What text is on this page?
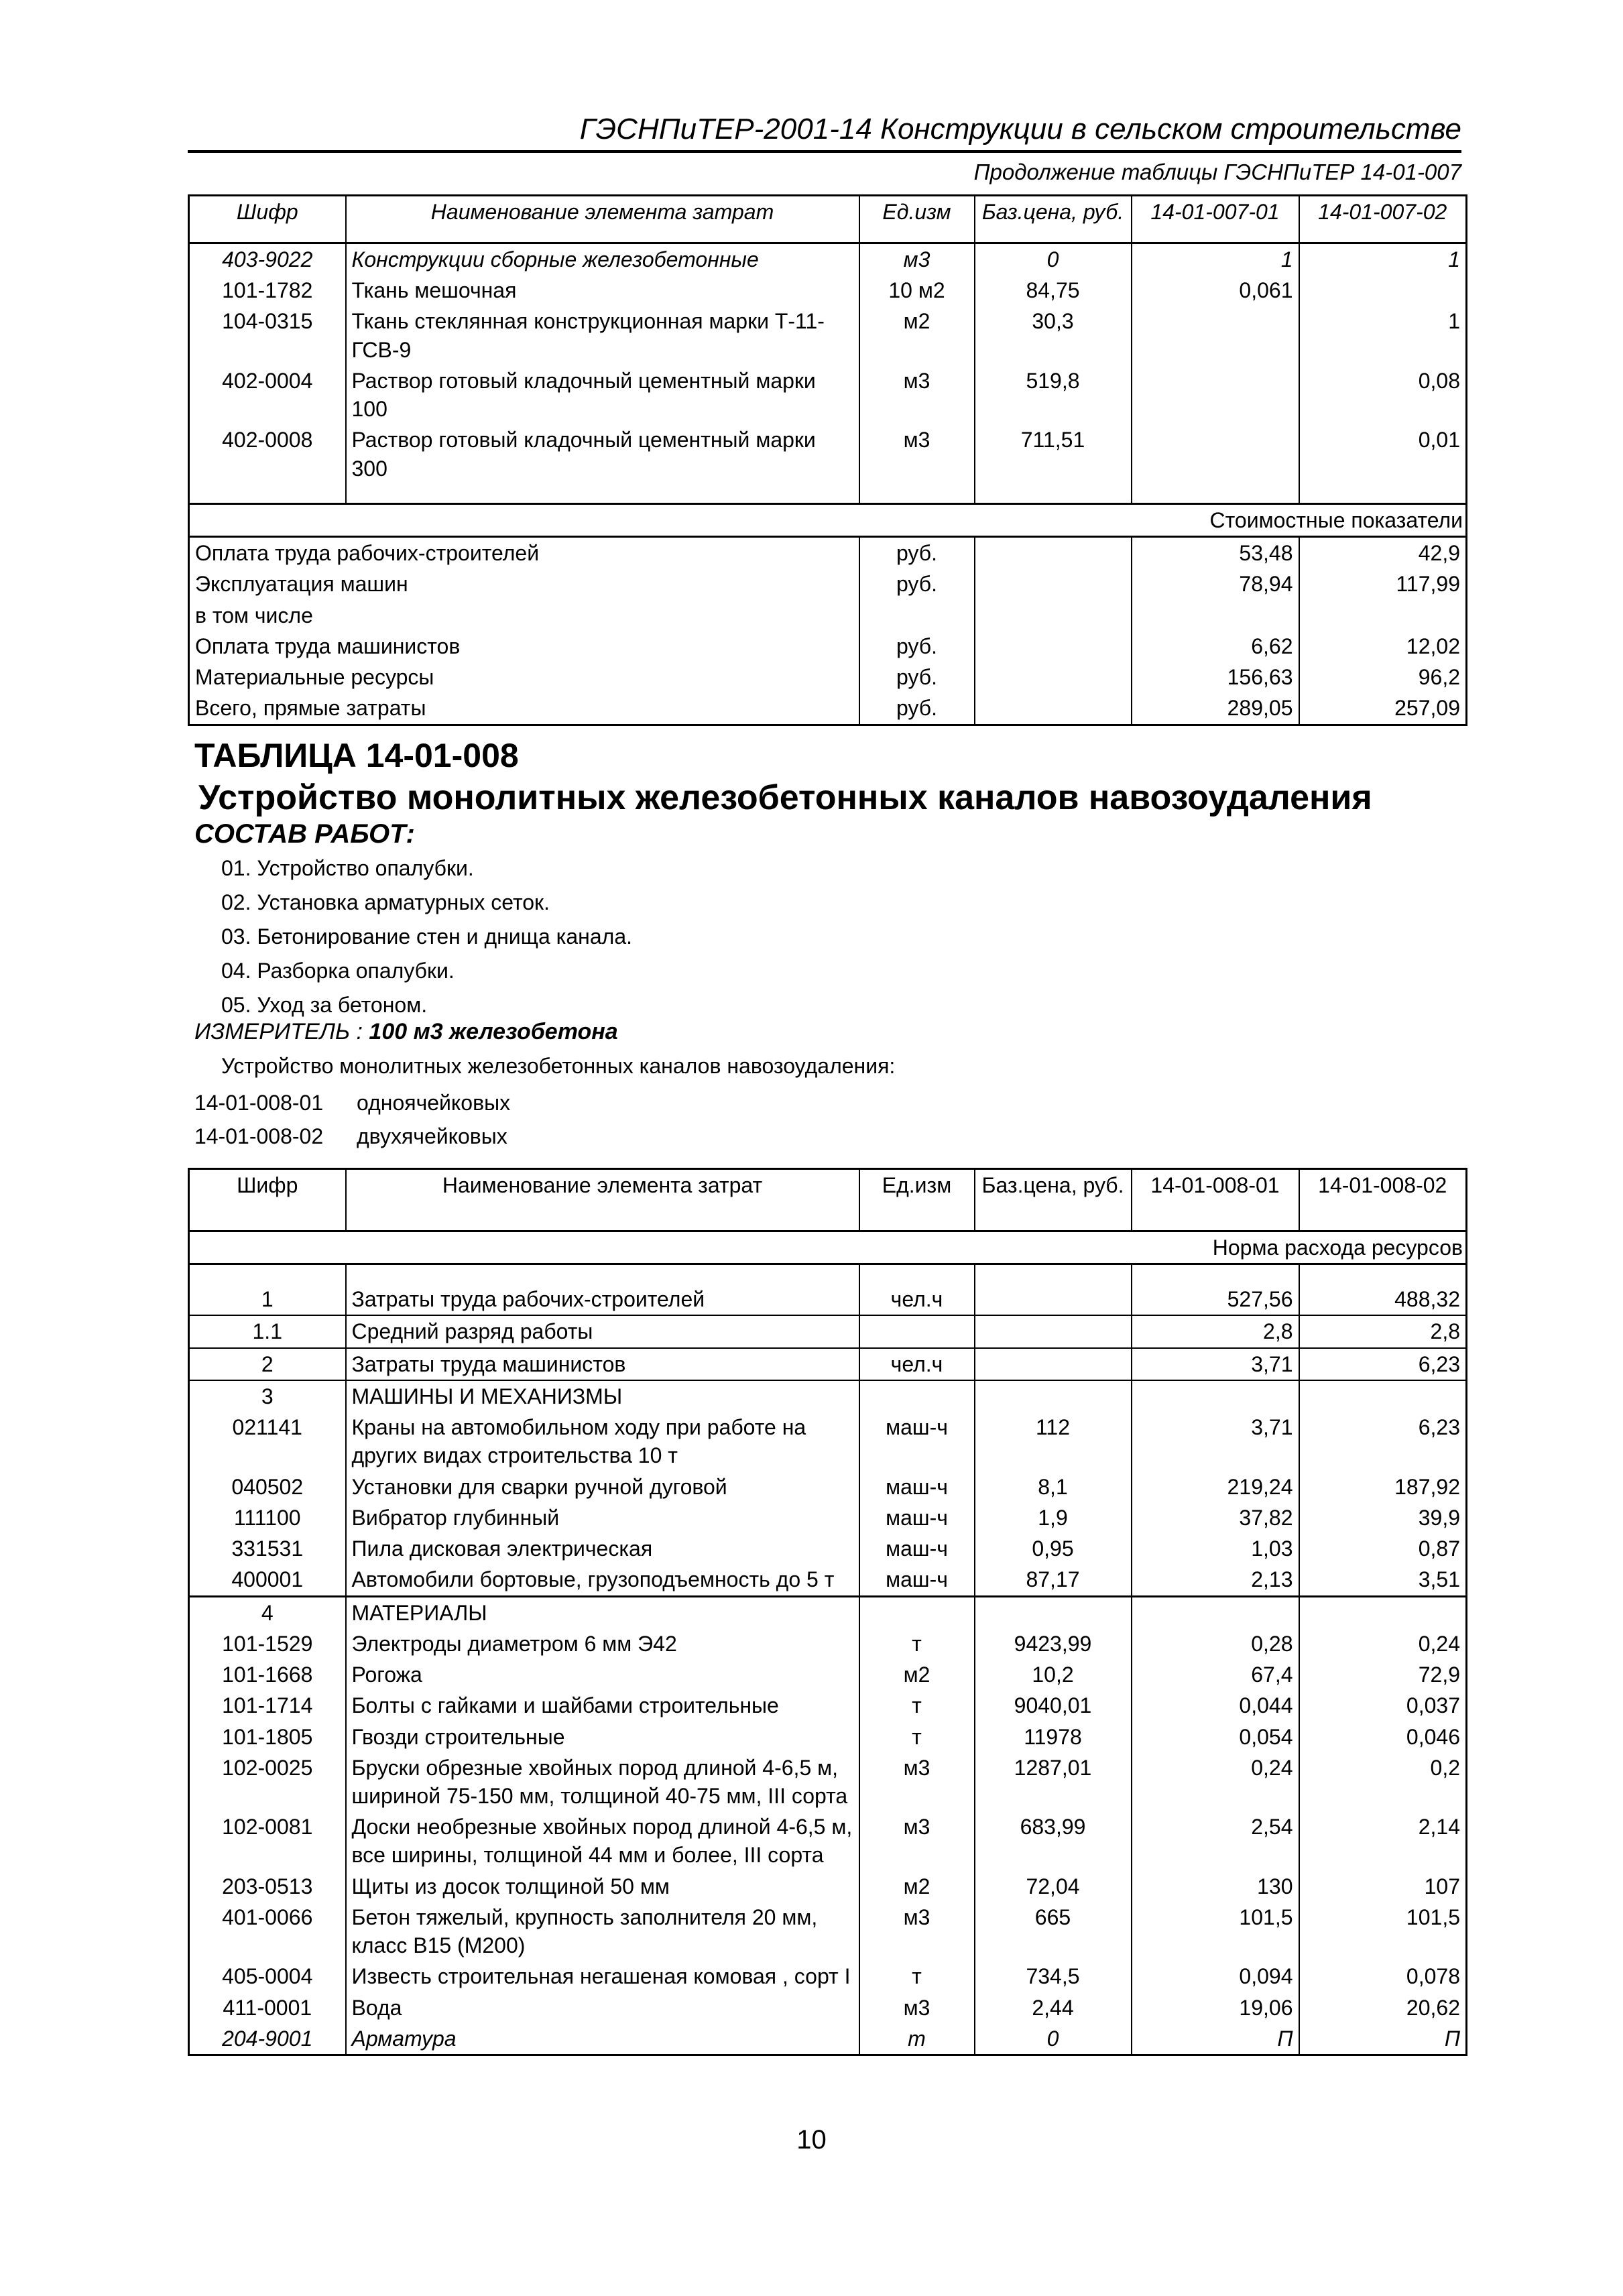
ГЭСНПиТЕР-2001-14 Конструкции в сельском строительстве
Продолжение таблицы ГЭСНПиТЕР 14-01-007
Шифр	Наименование элемента затрат	Ед.изм	Баз.цена, руб.	14-01-007-01	14-01-007-02
403-9022	Конструкции сборные железобетонные	м3	0	1	1
101-1782	Ткань мешочная	10 м2	84,75	0,061	
104-0315	Ткань стеклянная конструкционная марки Т-11-ГСВ-9	м2	30,3		1
402-0004	Раствор готовый кладочный цементный марки 100	м3	519,8		0,08
402-0008	Раствор готовый кладочный цементный марки 300	м3	711,51		0,01

Стоимостные показатели					
Оплата труда рабочих-строителей		руб.		53,48	42,9
Эксплуатация машин		руб.		78,94	117,99
в том числе					
Оплата труда машинистов		руб.		6,62	12,02
Материальные ресурсы		руб.		156,63	96,2
Всего, прямые затраты		руб.		289,05	257,09
ТАБЛИЦА 14-01-008
Устройство монолитных железобетонных каналов навозоудаления
СОСТАВ РАБОТ:
01. Устройство опалубки.
02. Установка арматурных сеток.
03. Бетонирование стен и днища канала.
04. Разборка опалубки.
05. Уход за бетоном.
ИЗМЕРИТЕЛЬ : 100 м3 железобетона
Устройство монолитных железобетонных каналов навозоудаления:
14-01-008-01 одноячейковых
14-01-008-02 двухячейковых
Шифр	Наименование элемента затрат	Ед.изм	Баз.цена, руб.	14-01-008-01	14-01-008-02
Норма расхода ресурсов					

1	Затраты труда рабочих-строителей	чел.ч		527,56	488,32
1.1	Средний разряд работы			2,8	2,8
2	Затраты труда машинистов	чел.ч		3,71	6,23
3	МАШИНЫ И МЕХАНИЗМЫ				
021141	Краны на автомобильном ходу при работе на других видах строительства 10 т	маш-ч	112	3,71	6,23
040502	Установки для сварки ручной дуговой	маш-ч	8,1	219,24	187,92
111100	Вибратор глубинный	маш-ч	1,9	37,82	39,9
331531	Пила дисковая электрическая	маш-ч	0,95	1,03	0,87
400001	Автомобили бортовые, грузоподъемность до 5 т	маш-ч	87,17	2,13	3,51
4	МАТЕРИАЛЫ				
101-1529	Электроды диаметром 6 мм Э42	т	9423,99	0,28	0,24
101-1668	Рогожа	м2	10,2	67,4	72,9
101-1714	Болты с гайками и шайбами строительные	т	9040,01	0,044	0,037
101-1805	Гвозди строительные	т	11978	0,054	0,046
102-0025	Бруски обрезные хвойных пород длиной 4-6,5 м, шириной 75-150 мм, толщиной 40-75 мм, III сорта	м3	1287,01	0,24	0,2
102-0081	Доски необрезные хвойных пород длиной 4-6,5 м, все ширины, толщиной 44 мм и более, III сорта	м3	683,99	2,54	2,14
203-0513	Щиты из досок толщиной 50 мм	м2	72,04	130	107
401-0066	Бетон тяжелый, крупность заполнителя 20 мм, класс В15 (М200)	м3	665	101,5	101,5
405-0004	Известь строительная негашеная комовая , сорт I	т	734,5	0,094	0,078
411-0001	Вода	м3	2,44	19,06	20,62
204-9001	Арматура	т	0	П	П
10
